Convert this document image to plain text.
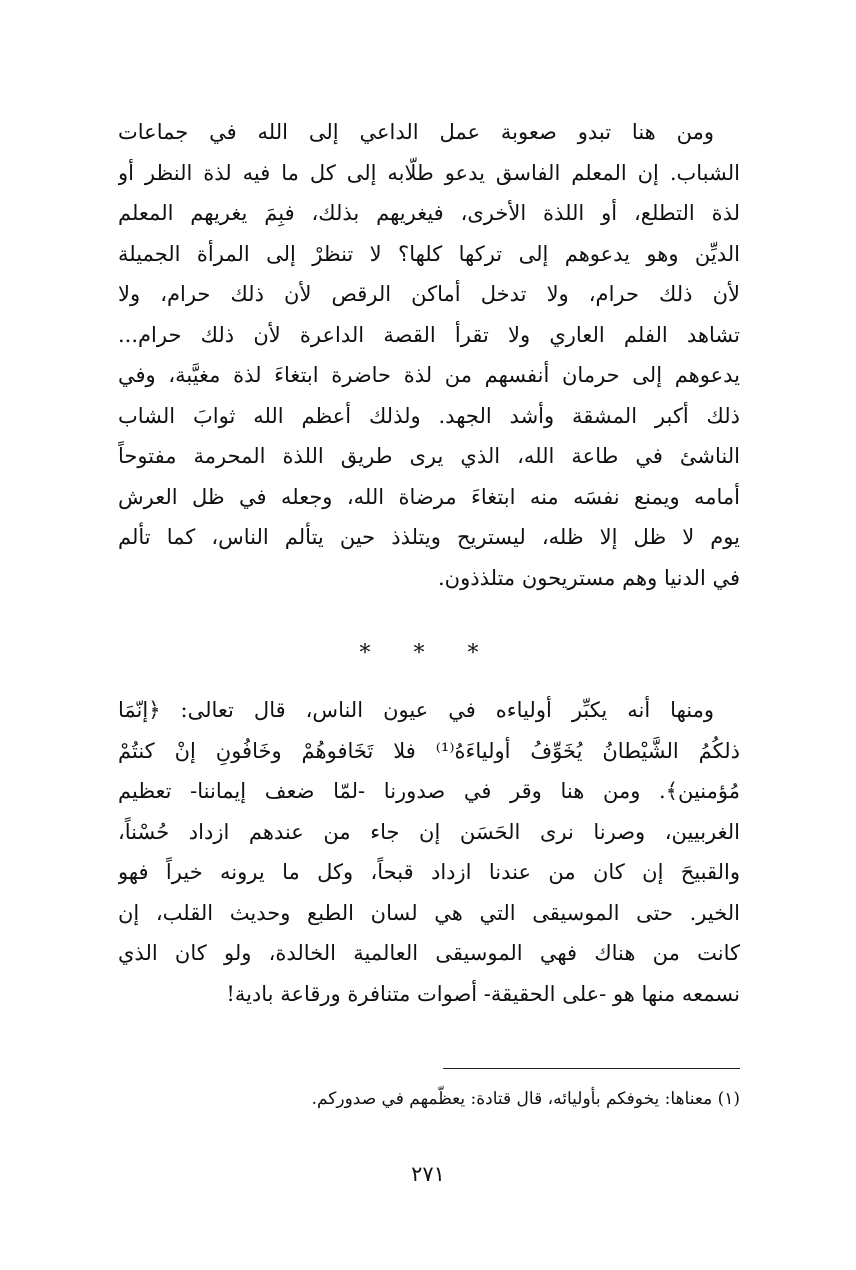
ومن هنا تبدو صعوبة عمل الداعي إلى الله في جماعات
الشباب. إن المعلم الفاسق يدعو طلّابه إلى كل ما فيه لذة النظر أو
لذة التطلع، أو اللذة الأخرى، فيغريهم بذلك، فبِمَ يغريهم المعلم
الديِّن وهو يدعوهم إلى تركها كلها؟ لا تنظرْ إلى المرأة الجميلة
لأن ذلك حرام، ولا تدخل أماكن الرقص لأن ذلك حرام، ولا
تشاهد الفلم العاري ولا تقرأ القصة الداعرة لأن ذلك حرام...
يدعوهم إلى حرمان أنفسهم من لذة حاضرة ابتغاءَ لذة مغيَّبة، وفي
ذلك أكبر المشقة وأشد الجهد. ولذلك أعظم الله ثوابَ الشاب
الناشئ في طاعة الله، الذي يرى طريق اللذة المحرمة مفتوحاً
أمامه ويمنع نفسَه منه ابتغاءَ مرضاة الله، وجعله في ظل العرش
يوم لا ظل إلا ظله، ليستريح ويتلذذ حين يتألم الناس، كما تألم
في الدنيا وهم مستريحون متلذذون.
* * *
ومنها أنه يكبِّر أولياءه في عيون الناس، قال تعالى: ﴿إنّمَا
ذلكُمُ الشَّيْطانُ يُخَوِّفُ أولياءَهُ⁽¹⁾ فلا تَخَافوهُمْ وخَافُونِ إنْ كنتُمْ
مُؤمنين﴾. ومن هنا وقر في صدورنا -لمّا ضعف إيماننا- تعظيم
الغربيين، وصرنا نرى الحَسَن إن جاء من عندهم ازداد حُسْناً،
والقبيحَ إن كان من عندنا ازداد قبحاً، وكل ما يرونه خيراً فهو
الخير. حتى الموسيقى التي هي لسان الطبع وحديث القلب، إن
كانت من هناك فهي الموسيقى العالمية الخالدة، ولو كان الذي
نسمعه منها هو -على الحقيقة- أصوات متنافرة ورقاعة بادية!
(١) معناها: يخوفكم بأوليائه، قال قتادة: يعظّمهم في صدوركم.
٢٧١
